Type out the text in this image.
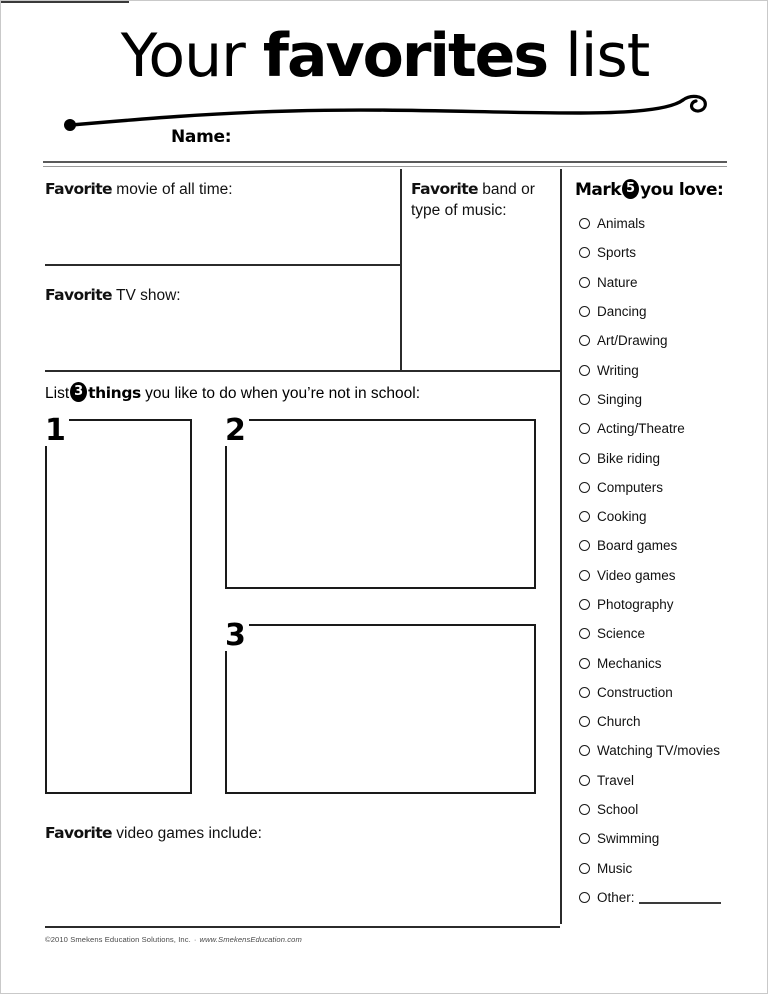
Your favorites list
Name:
Favorite movie of all time:
Favorite TV show:
Favorite band or type of music:
Favorite video games include:
List 3 things you like to do when you’re not in school:
1	2
3
Mark 5 you love:
Animals
Sports
Nature
Dancing
Art/Drawing
Writing
Singing
Acting/Theatre
Bike riding
Computers
Cooking
Board games
Video games
Photography
Science
Mechanics
Construction
Church
Watching TV/movies
Travel
School
Swimming
Music
Other:
©2010 Smekens Education Solutions, Inc. · www.SmekensEducation.com
